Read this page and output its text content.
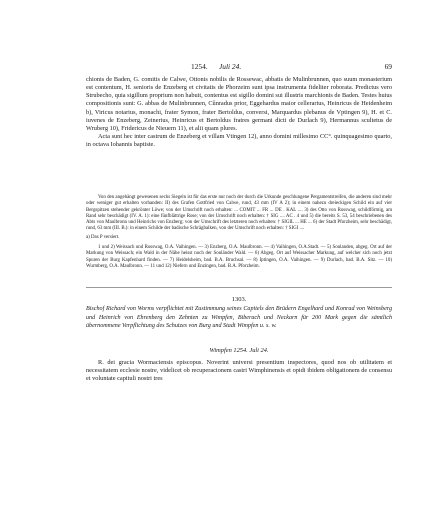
1254. Juli 24.	69

chionis de Baden, G. comitis de Calwe, Ottonis nobilis de Rossewac, abbatis de Mulinbrunnen, quo suum monasterium est contentum, H. senioris de Enzeberg et civitatis de Phorzeim sunt ipsa instrumenta fideliter roborata. Predictus vero Strubecho, quia sigillum proprium non habuit, contentus est sigillo domini sui illustris marchionis de Baden. Testes huius compositionis sunt: G. abbas de Mulinbrunnen, Cûnradus prior, Eggehardus maior cellerarius, Heinricus de Heidenheim b), Viricus notarius, monachi, frater Symon, frater Bertoldus, conversi, Marquardus plebanus de Vptingen 9), H. et C. iuvenes de Enzeberg, Zeinerius, Heinricus et Bertoldus fratres germani dicti de Durlach 9), Hermannus scultetus de Wruberg 10), Fridericus de Nieuern 11), et alii quam plures.

Acta sunt hec inter castrum de Enzeberg et villam Vtingen 12), anno domini millesimo CC°. quinquagesimo quarto, in octava Iohannis baptiste.

Von den angehängt gewesenen sechs Siegeln ist für das erste nur noch der durch die Urkunde geschlungene Pergamentstreifen, die anderen sind mehr oder weniger gut erhalten vorhanden: II) des Grafen Gottfried von Calwe, rund, 43 mm (IV A 2); in einem nahezu dreieckigen Schild ein auf vier Bergspitzen stehender gekrönter Löwe; von der Umschrift noch erhalten: ... COMIT ... FR ... DE . KAL .... 3) des Otto von Rosswag, schildförmig, am Rand sehr beschädigt (IV. A. 1): eine fünfblättrige Rose; von der Umschrift noch erhalten: † SIG .... AC . 4 und 5) die bereits S. 53, 54 beschriebenen des Abts von Maulbronn und Heinrichs von Enzberg; von der Umschrift des letzteren noch erhalten: † SIGIL ... HE ... 6) der Stadt Pforzheim, sehr beschädigt, rund, 63 mm (III. B.): in einem Schilde der badische Schrägbalken, von der Umschrift noch erhalten: † SIGI ....

a) Das P versiert.

1 und 2) Weissach und Rosswag, O.A. Vaihingen. — 3) Enzberg, O.A. Maulbronn. — 4) Vaihingen, O.A.Stadt. — 5) Sonlanden, abgeg. Ort auf der Markung von Weissach; ein Wald in der Nähe heisst noch der Sonländer Wald. — 6) Abgeg. Ort auf Weissacher Markung, auf welcher sich noch jetzt Spuren der Burg Kapfenhard finden. — 7) Heidelsheim, bad. B.A. Bruchsal. — 8) Iptingen, O.A. Vaihingen. — 9) Durlach, bad. B.A. Sitz. — 10) Wurmberg, O.A. Maulbronn. — 11 und 12) Niefern und Enzingen, bad. B.A. Pforzheim.

1303.

Bischof Richard von Worms verpflichtet mit Zustimmung seines Capitels den Brüdern Engelhard und Konrad von Weinsberg und Heinrich von Ehrenberg den Zehnten zu Wimpfen, Biberach und Neckarn für 200 Mark gegen die sämtlich übernommene Verpflichtung des Schutzes von Burg und Stadt Wimpfen u. s. w.

Wimpfen 1254. Juli 24.

R. dei gracia Wormaciensis episcopus. Noverint universi presentium inspectores, quod nos ob utilitatem et necessitatem ecclesie nostre, videlicet ob recuperacionem castri Wimphinensis et opidi ibidem obligationem de consensu et voluntate capituli nostri tres
